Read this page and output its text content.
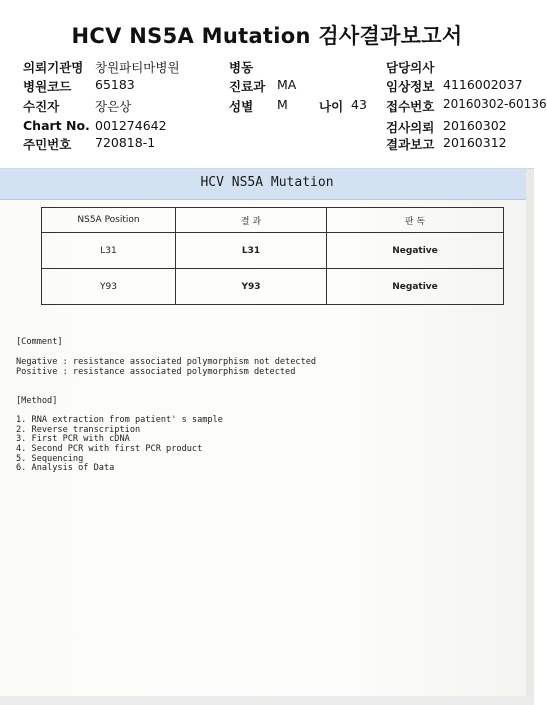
HCV NS5A Mutation 검사결과보고서
의뢰기관명 창원파티마병원	병동	담당의사
병원코드 65183	진료과 MA	임상정보 4116002037
수진자	장은상	성별 M 나이 43 접수번호 20160302-60136
Chart No. 001274642	검사의뢰 20160302
주민번호 720818-1	결과보고 20160312
HCV NS5A Mutation
NS5A Position	결 과	판 독
L31	L31	Negative
Y93	Y93	Negative
[Comment]
Negative : resistance associated polymorphism not detected
Positive : resistance associated polymorphism detected
[Method]
1. RNA extraction from patient' s sample
2. Reverse transcription
3. First PCR with cDNA
4. Second PCR with first PCR product
5. Sequencing
6. Analysis of Data
